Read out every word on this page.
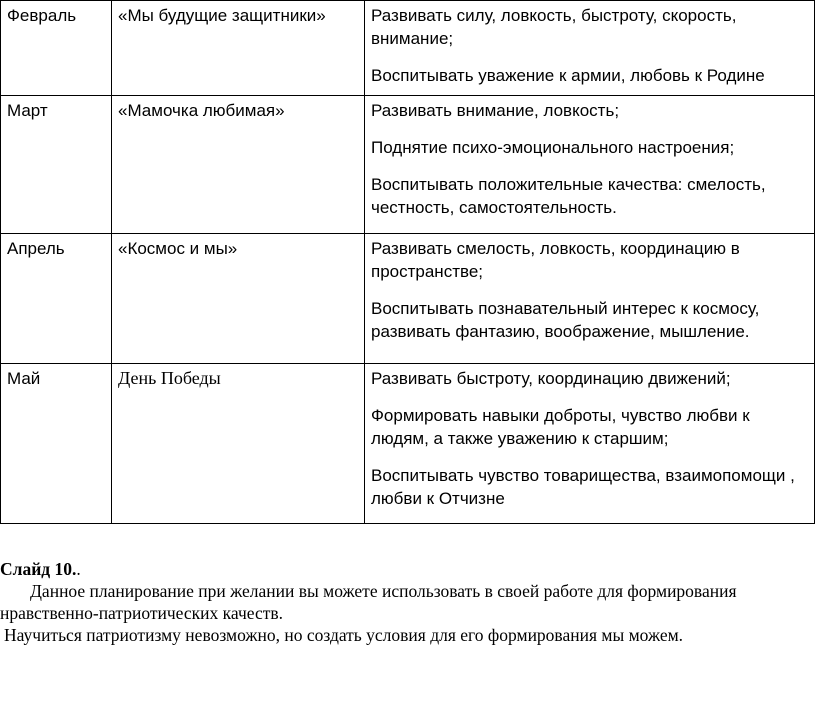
Февраль	«Мы будущие защитники»	Развивать силу, ловкость, быстроту, скорость, внимание;

Воспитывать уважение к армии, любовь к Родине

Март	«Мамочка любимая»	Развивать внимание, ловкость;

Поднятие психо-эмоционального настроения;

Воспитывать положительные качества: смелость, честность, самостоятельность.

Апрель	«Космос и мы»	Развивать смелость, ловкость, координацию в пространстве;

Воспитывать познавательный интерес к космосу, развивать фантазию, воображение, мышление.

Май	День Победы	Развивать быстроту, координацию движений;

Формировать навыки доброты, чувство любви к людям, а также уважению к старшим;

Воспитывать чувство товарищества, взаимопомощи , любви к Отчизне

Слайд 10..

Данное планирование при желании вы можете использовать в своей работе для формирования нравственно-патриотических качеств.

Научиться патриотизму невозможно, но создать условия для его формирования мы можем.
